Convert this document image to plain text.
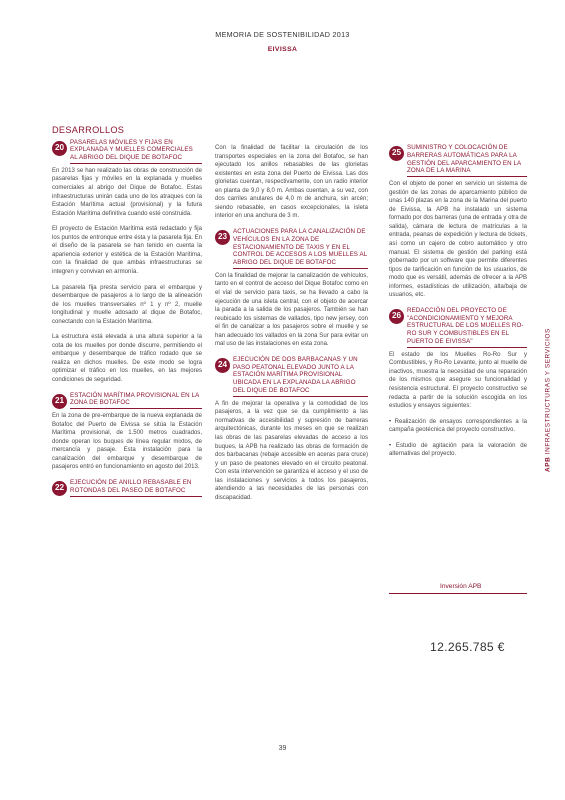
MEMORIA DE SOSTENIBILIDAD 2013
EIVISSA
DESARROLLOS
20
PASARELAS MÓVILES Y FIJAS EN EXPLANADA Y MUELLES COMERCIALES AL ABRIGO DEL DIQUE DE BOTAFOC

En 2013 se han realizado las obras de construcción de pasarelas fijas y móviles en la explanada y muelles comerciales al abrigo del Dique de Botafoc. Estas infraestructuras unirán cada uno de los atraques con la Estación Marítima actual (provisional) y la futura Estación Marítima definitiva cuando esté construida.

El proyecto de Estación Marítima está redactado y fija los puntos de entronque entre ésta y la pasarela fija. En el diseño de la pasarela se han tenido en cuenta la apariencia exterior y estética de la Estación Marítima, con la finalidad de que ambas infraestructuras se integren y convivan en armonía.

La pasarela fija presta servicio para el embarque y desembarque de pasajeros a lo largo de la alineación de los muelles transversales nº 1 y nº 2, muelle longitudinal y muelle adosado al dique de Botafoc, conectando con la Estación Marítima.

La estructura está elevada a una altura superior a la cota de los muelles por donde discurre, permitiendo el embarque y desembarque de tráfico rodado que se realiza en dichos muelles. De este modo se logra optimizar el tráfico en los muelles, en las mejores condiciones de seguridad.

21
ESTACIÓN MARÍTIMA PROVISIONAL EN LA ZONA DE BOTAFOC

En la zona de pre-embarque de la nueva explanada de Botafoc del Puerto de Eivissa se sitúa la Estación Marítima provisional, de 1.500 metros cuadrados, donde operan los buques de línea regular mixtos, de mercancía y pasaje. Esta instalación para la canalización del embarque y desembarque de pasajeros entró en funcionamiento en agosto del 2013.

22
EJECUCIÓN DE ANILLO REBASABLE EN ROTONDAS DEL PASEO DE BOTAFOC

Con la finalidad de facilitar la circulación de los transportes especiales en la zona del Botafoc, se han ejecutado los anillos rebasables de las glorietas existentes en esta zona del Puerto de Eivissa. Las dos glorietas cuentan, respectivamente, con un radio interior en planta de 9,0 y 8,0 m. Ambas cuentan, a su vez, con dos carriles anulares de 4,0 m de anchura, sin arcén; siendo rebasable, en casos excepcionales, la isleta interior en una anchura de 3 m.

23
ACTUACIONES PARA LA CANALIZACIÓN DE VEHÍCULOS EN LA ZONA DE ESTACIONAMIENTO DE TAXIS Y EN EL CONTROL DE ACCESOS A LOS MUELLES AL ABRIGO DEL DIQUE DE BOTAFOC

Con la finalidad de mejorar la canalización de vehículos, tanto en el control de acceso del Dique Botafoc como en el vial de servicio para taxis, se ha llevado a cabo la ejecución de una isleta central, con el objeto de acercar la parada a la salida de los pasajeros. También se han reubicado los sistemas de vallados, tipo new jersey, con el fin de canalizar a los pasajeros sobre el muelle y se han adecuado los vallados en la zona Sur para evitar un mal uso de las instalaciones en esta zona.

24
EJECUCIÓN DE DOS BARBACANAS Y UN PASO PEATONAL ELEVADO JUNTO A LA ESTACIÓN MARÍTIMA PROVISIONAL UBICADA EN LA EXPLANADA LA ABRIGO DEL DIQUE DE BOTAFOC

A fin de mejorar la operativa y la comodidad de los pasajeros, a la vez que se da cumplimiento a las normativas de accesibilidad y supresión de barreras arquitectónicas, durante los meses en que se realizan las obras de las pasarelas elevadas de acceso a los buques, la APB ha realizado las obras de formación de dos barbacanas (rebaje accesible en aceras para cruce) y un paso de peatones elevado en el circuito peatonal. Con esta intervención se garantiza el acceso y el uso de las instalaciones y servicios a todos los pasajeros, atendiendo a las necesidades de las personas con discapacidad.

25
SUMINISTRO Y COLOCACIÓN DE BARRERAS AUTOMÁTICAS PARA LA GESTIÓN DEL APARCAMIENTO EN LA ZONA DE LA MARINA

Con el objeto de poner en servicio un sistema de gestión de las zonas de aparcamiento público de unas 140 plazas en la zona de la Marina del puerto de Eivissa, la APB ha instalado un sistema formado por dos barreras (una de entrada y otra de salida), cámara de lectura de matrículas a la entrada, peanas de expedición y lectura de tickets, así como un cajero de cobro automático y otro manual. El sistema de gestión del parking está gobernado por un software que permite diferentes tipos de tarificación en función de los usuarios, de modo que es versátil, además de ofrecer a la APB informes, estadísticas de utilización, alta/baja de usuarios, etc.

26
REDACCIÓN DEL PROYECTO DE "ACONDICIONAMIENTO Y MEJORA ESTRUCTURAL DE LOS MUELLES RO-RO SUR Y COMBUSTIBLES EN EL PUERTO DE EIVISSA"

El estado de los Muelles Ro-Ro Sur y Combustibles, y Ro-Ro Levante, junto al muelle de inactivos, muestra la necesidad de una reparación de los mismos que asegure su funcionalidad y resistencia estructural. El proyecto constructivo se redacta a partir de la solución escogida en los estudios y ensayos siguientes:

• Realización de ensayos correspondientes a la campaña geotécnica del proyecto constructivo.

• Estudio de agitación para la valoración de alternativas del proyecto.

Inversión APB
12.265.785 €
APB INFRAESTRUCTURAS Y SERVICIOS
39
